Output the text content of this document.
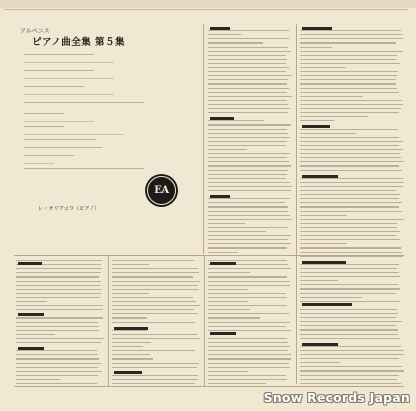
アルベニス
ピアノ曲全集 第５集

EA
レ・オリアコワ（ピアノ）
Snow Records Japan
